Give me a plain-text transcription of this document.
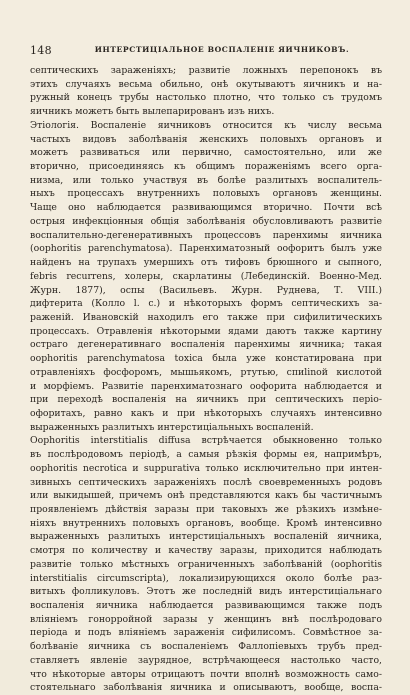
148	ИНТЕРСТИЦІАЛЬНОЕ ВОСПАЛЕНІЕ ЯИЧНИКОВЪ.
септическихъ зараженіяхъ; развитіе ложныхъ перепонокъ въ
этихъ случаяхъ весьма обильно, онѣ окутываютъ яичникъ и на-
ружный конецъ трубы настолько плотно, что только съ трудомъ
яичникъ можетъ быть вылепарированъ изъ нихъ.
Этіологія. Воспаленіе яичниковъ относится къ числу весьма
частыхъ видовъ заболѣванія женскихъ половыхъ органовъ и
можетъ развиваться или первично, самостоятельно, или же
вторично, присоединяясь къ общимъ пораженіямъ всего орга-
низма, или только участвуя въ болѣе разлитыхъ воспалитель-
ныхъ процессахъ внутреннихъ половыхъ органовъ женщины.
Чаще оно наблюдается развивающимся вторично. Почти всѣ
острыя инфекціонныя общія заболѣванія обусловливаютъ развитіе
воспалительно-дегенеративныхъ процессовъ паренхимы яичника
(oophoritis parenchymatosa). Паренхиматозный оофоритъ былъ уже
найденъ на трупахъ умершихъ отъ тифовъ брюшного и сыпного,
febris recurrens, холеры, скарлатины (Лебединскій. Военно-Мед.
Журн. 1877), оспы (Васильевъ. Журн. Руднева, Т. VIII.)
дифтерита (Колло l. c.) и нѣкоторыхъ формъ септическихъ за-
раженій. Ивановскій находилъ его также при сифилитическихъ
процессахъ. Отравленія нѣкоторыми ядами даютъ также картину
остраго дегенеративнаго воспаленія паренхимы яичника; такая
oophoritis parenchymatosa toxica была уже констатирована при
отравленіяхъ фосфоромъ, мышьякомъ, ртутью, спиlinoй кислотой
и морфіемъ. Развитіе паренхиматознаго оофорита наблюдается и
при переходѣ воспаленія на яичникъ при септическихъ періо-
офоритахъ, равно какъ и при нѣкоторыхъ случаяхъ интенсивно
выраженныхъ разлитыхъ интерстиціальныхъ воспаленій.
Oophoritis interstitialis diffusa встрѣчается обыкновенно только
въ послѣродовомъ періодѣ, а самыя рѣзкія формы ея, напримѣръ,
oophoritis necrotica и suppurativa только исключительно при интен-
зивныхъ септическихъ зараженіяхъ послѣ своевременныхъ родовъ
или выкидышей, причемъ онѣ представляются какъ бы частичнымъ
проявленіемъ дѣйствія заразы при таковыхъ же рѣзкихъ измѣне-
ніяхъ внутреннихъ половыхъ органовъ, вообще. Кромѣ интенсивно
выраженныхъ разлитыхъ интерстиціальныхъ воспаленій яичника,
смотря по количеству и качеству заразы, приходится наблюдать
развитіе только мѣстныхъ ограниченныхъ заболѣваній (oophoritis
interstitialis circumscripta), локализирующихся около болѣе раз-
витыхъ фолликуловъ. Этотъ же последній видъ интерстиціальнаго
воспаленія яичника наблюдается развивающимся также подъ
вліяніемъ гонорройной заразы у женщинъ внѣ послѣродоваго
періода и подъ вліяніемъ зараженія сифилисомъ. Совмѣстное за-
болѣваніе яичника съ воспаленіемъ Фаллопіевыхъ трубъ пред-
ставляетъ явленіе заурядное, встрѣчающееся настолько часто,
что нѣкоторые авторы отрицаютъ почти вполнѣ возможность само-
стоятельнаго заболѣванія яичника и описываютъ, вообще, воспа-
